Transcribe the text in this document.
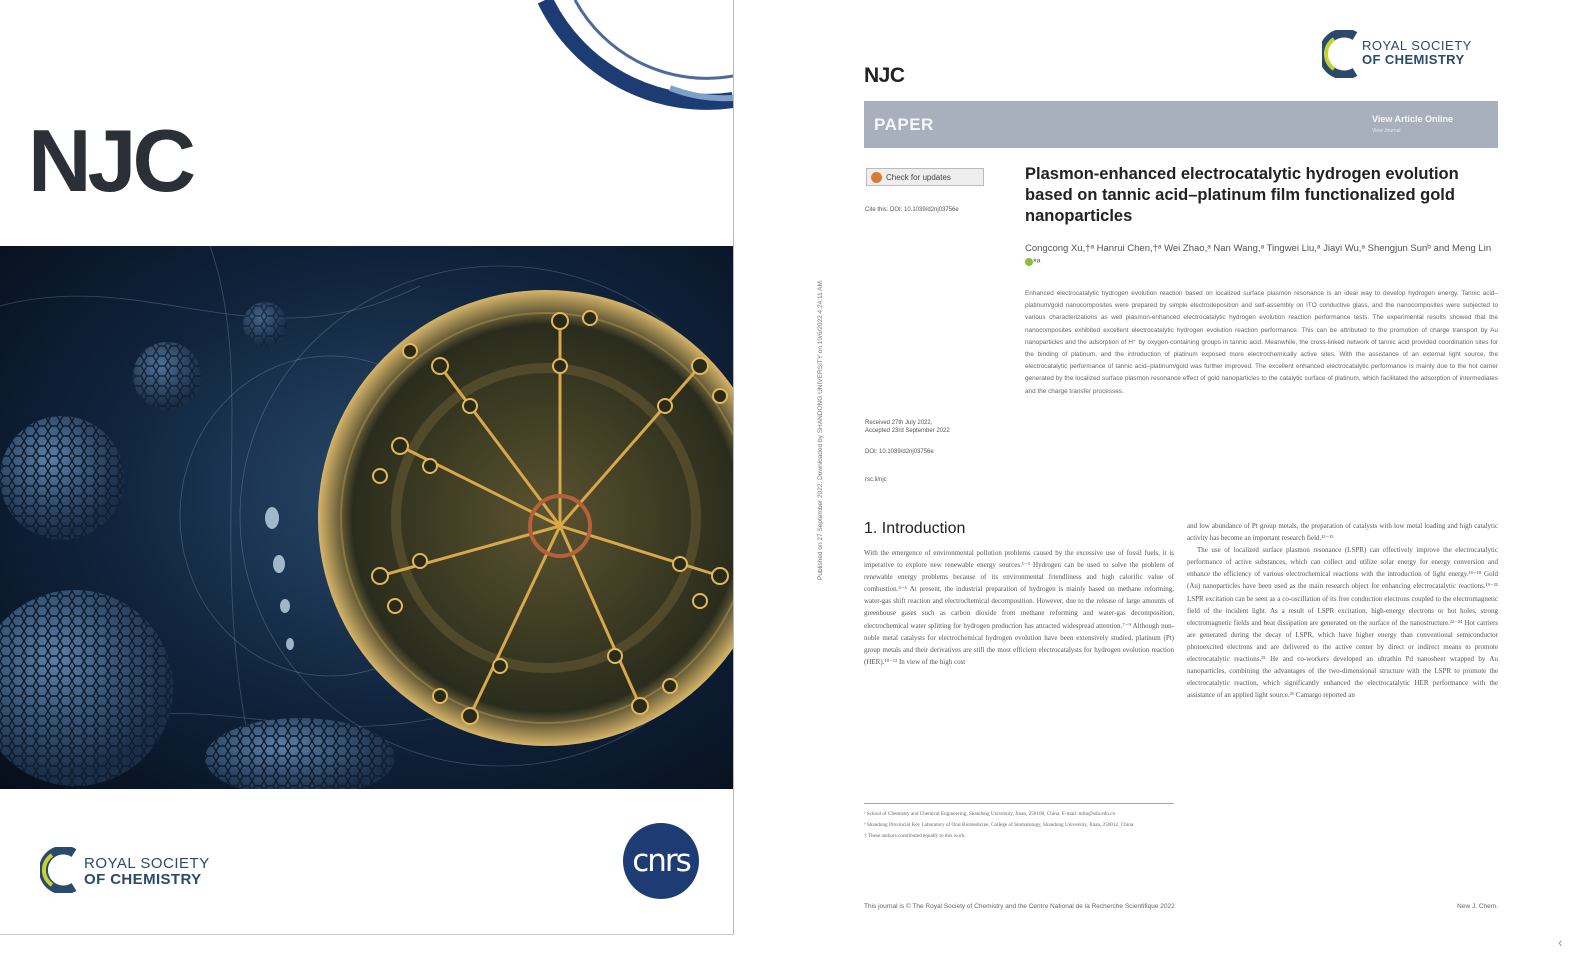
NJC
ROYAL SOCIETY
OF CHEMISTRY
cnrs
Published on 27 September 2022. Downloaded by SHANDONG UNIVERSITY on 10/6/2022 4:24:11 AM.
NJC
ROYAL SOCIETY
OF CHEMISTRY
PAPER	View Article Online
View Journal
Check for updates
Cite this: DOI: 10.1039/d2nj03756e
Plasmon-enhanced electrocatalytic hydrogen evolution based on tannic acid–platinum film functionalized gold nanoparticles
Congcong Xu,†ᵃ Hanrui Chen,†ᵃ Wei Zhao,ᵃ Nan Wang,ᵃ Tingwei Liu,ᵃ Jiayi Wu,ᵃ Shengjun Sunᵇ and Meng Lin *ᵃ
Enhanced electrocatalytic hydrogen evolution reaction based on localized surface plasmon resonance is an ideal way to develop hydrogen energy. Tannic acid–platinum/gold nanocomposites were prepared by simple electrodeposition and self-assembly on ITO conductive glass, and the nanocomposites were subjected to various characterizations as well plasmon-enhanced electrocatalytic hydrogen evolution reaction performance tests. The experimental results showed that the nanocomposites exhibited excellent electrocatalytic hydrogen evolution reaction performance. This can be attributed to the promotion of charge transport by Au nanoparticles and the adsorption of H⁺ by oxygen-containing groups in tannic acid. Meanwhile, the cross-linked network of tannic acid provided coordination sites for the binding of platinum, and the introduction of platinum exposed more electrochemically active sites. With the assistance of an external light source, the electrocatalytic performance of tannic acid–platinum/gold was further improved. The excellent enhanced electrocatalytic performance is mainly due to the hot carrier generated by the localized surface plasmon resonance effect of gold nanoparticles to the catalytic surface of platinum, which facilitated the adsorption of intermediates and the charge transfer processes.
Received 27th July 2022,
Accepted 23rd September 2022
DOI: 10.1039/d2nj03756e
rsc.li/njc
1. Introduction
With the emergence of environmental pollution problems caused by the excessive use of fossil fuels, it is imperative to explore new renewable energy sources.¹⁻³ Hydrogen can be used to solve the problem of renewable energy problems because of its environmental friendliness and high calorific value of combustion.⁴⁻⁶ At present, the industrial preparation of hydrogen is mainly based on methane reforming, water-gas shift reaction and electrochemical decomposition. However, due to the release of large amounts of greenhouse gases such as carbon dioxide from methane reforming and water-gas decomposition, electrochemical water splitting for hydrogen production has attracted widespread attention.⁷⁻⁹ Although non-noble metal catalysts for electrochemical hydrogen evolution have been extensively studied, platinum (Pt) group metals and their derivatives are still the most efficient electrocatalysts for hydrogen evolution reaction (HER).¹⁰⁻¹² In view of the high cost
and low abundance of Pt group metals, the preparation of catalysts with low metal loading and high catalytic activity has become an important research field.¹³⁻¹⁵
The use of localized surface plasmon resonance (LSPR) can effectively improve the electrocatalytic performance of active substances, which can collect and utilize solar energy for energy conversion and enhance the efficiency of various electrochemical reactions with the introduction of light energy.¹⁶⁻¹⁸ Gold (Au) nanoparticles have been used as the main research object for enhancing electrocatalytic reactions.¹⁹⁻²¹ LSPR excitation can be seen as a co-oscillation of its free conduction electrons coupled to the electromagnetic field of the incident light. As a result of LSPR excitation, high-energy electrons or hot holes, strong electromagnetic fields and heat dissipation are generated on the surface of the nanostructure.²²⁻²⁴ Hot carriers are generated during the decay of LSPR, which have higher energy than conventional semiconductor photoexcited electrons and are delivered to the active center by direct or indirect means to promote electrocatalytic reactions.²⁵ He and co-workers developed an ultrathin Pd nanosheet wrapped by Au nanoparticles, combining the advantages of the two-dimensional structure with the LSPR to promote the electrocatalytic reaction, which significantly enhanced the electrocatalytic HER performance with the assistance of an applied light source.²⁶ Camargo reported an
ᵃ School of Chemistry and Chemical Engineering, Shandong University, Jinan, 250100, China. E-mail: mlin@sdu.edu.cn
ᵇ Shandong Provincial Key Laboratory of Oral Biomedicine, College of Stomatology, Shandong University, Jinan, 250012, China
† These authors contributed equally to this work.
This journal is © The Royal Society of Chemistry and the Centre National de la Recherche Scientifique 2022	New J. Chem.
‹
